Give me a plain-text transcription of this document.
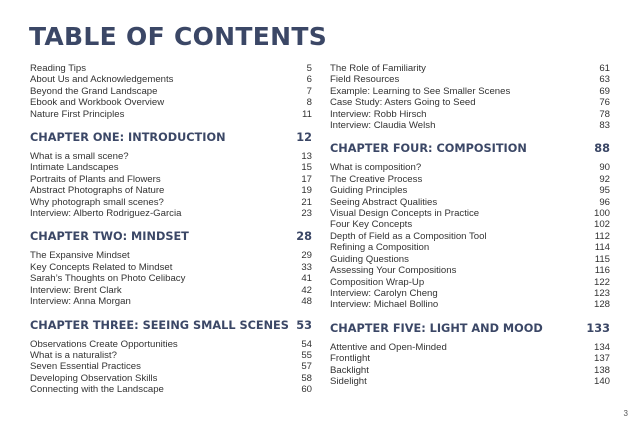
TABLE OF CONTENTS
Reading Tips	5
About Us and Acknowledgements	6
Beyond the Grand Landscape	7
Ebook and Workbook Overview	8
Nature First Principles	11
CHAPTER ONE: INTRODUCTION	12
What is a small scene?	13
Intimate Landscapes	15
Portraits of Plants and Flowers	17
Abstract Photographs of Nature	19
Why photograph small scenes?	21
Interview: Alberto Rodriguez-Garcia	23
CHAPTER TWO: MINDSET	28
The Expansive Mindset	29
Key Concepts Related to Mindset	33
Sarah’s Thoughts on Photo Celibacy	41
Interview: Brent Clark	42
Interview: Anna Morgan	48
CHAPTER THREE: SEEING SMALL SCENES 53
Observations Create Opportunities	54
What is a naturalist?	55
Seven Essential Practices	57
Developing Observation Skills	58
Connecting with the Landscape	60
The Role of Familiarity	61
Field Resources	63
Example: Learning to See Smaller Scenes	69
Case Study: Asters Going to Seed	76
Interview: Robb Hirsch	78
Interview: Claudia Welsh	83
CHAPTER FOUR: COMPOSITION	88
What is composition?	90
The Creative Process	92
Guiding Principles	95
Seeing Abstract Qualities	96
Visual Design Concepts in Practice	100
Four Key Concepts	102
Depth of Field as a Composition Tool	112
Refining a Composition	114
Guiding Questions	115
Assessing Your Compositions	116
Composition Wrap-Up	122
Interview: Carolyn Cheng	123
Interview: Michael Bollino	128
CHAPTER FIVE: LIGHT AND MOOD	133
Attentive and Open-Minded	134
Frontlight	137
Backlight	138
Sidelight	140
3
